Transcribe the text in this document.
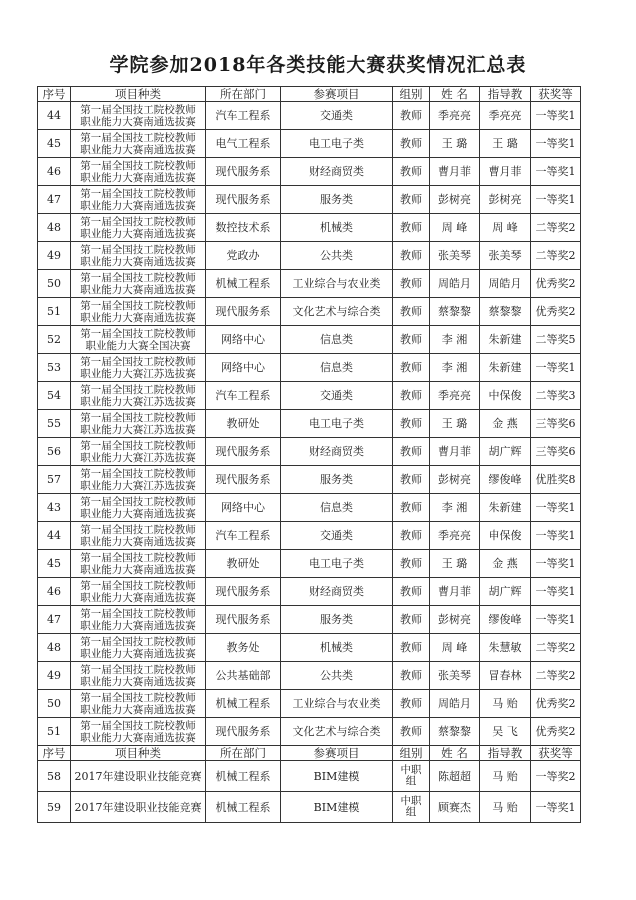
学院参加2018年各类技能大赛获奖情况汇总表
序号	项目种类	所在部门	参赛项目	组别	姓 名	指导教	获奖等
44	第一届全国技工院校教师
职业能力大赛南通选拔赛	汽车工程系	交通类	教师	季亮亮	季亮亮	一等奖1
45	第一届全国技工院校教师
职业能力大赛南通选拔赛	电气工程系	电工电子类	教师	王 璐	王 璐	一等奖1
46	第一届全国技工院校教师
职业能力大赛南通选拔赛	现代服务系	财经商贸类	教师	曹月菲	曹月菲	一等奖1
47	第一届全国技工院校教师
职业能力大赛南通选拔赛	现代服务系	服务类	教师	彭树亮	彭树亮	一等奖1
48	第一届全国技工院校教师
职业能力大赛南通选拔赛	数控技术系	机械类	教师	周 峰	周 峰	二等奖2
49	第一届全国技工院校教师
职业能力大赛南通选拔赛	党政办	公共类	教师	张美琴	张美琴	二等奖2
50	第一届全国技工院校教师
职业能力大赛南通选拔赛	机械工程系	工业综合与农业类	教师	周皓月	周皓月	优秀奖2
51	第一届全国技工院校教师
职业能力大赛南通选拔赛	现代服务系	文化艺术与综合类	教师	蔡黎黎	蔡黎黎	优秀奖2
52	第一届全国技工院校教师
职业能力大赛全国决赛	网络中心	信息类	教师	李 湘	朱新建	二等奖5
53	第一届全国技工院校教师
职业能力大赛江苏选拔赛	网络中心	信息类	教师	李 湘	朱新建	一等奖1
54	第一届全国技工院校教师
职业能力大赛江苏选拔赛	汽车工程系	交通类	教师	季亮亮	中保俊	二等奖3
55	第一届全国技工院校教师
职业能力大赛江苏选拔赛	教研处	电工电子类	教师	王 璐	金 燕	三等奖6
56	第一届全国技工院校教师
职业能力大赛江苏选拔赛	现代服务系	财经商贸类	教师	曹月菲	胡广辉	三等奖6
57	第一届全国技工院校教师
职业能力大赛江苏选拔赛	现代服务系	服务类	教师	彭树亮	缪俊峰	优胜奖8
43	第一届全国技工院校教师
职业能力大赛南通选拔赛	网络中心	信息类	教师	李 湘	朱新建	一等奖1
44	第一届全国技工院校教师
职业能力大赛南通选拔赛	汽车工程系	交通类	教师	季亮亮	申保俊	一等奖1
45	第一届全国技工院校教师
职业能力大赛南通选拔赛	教研处	电工电子类	教师	王 璐	金 燕	一等奖1
46	第一届全国技工院校教师
职业能力大赛南通选拔赛	现代服务系	财经商贸类	教师	曹月菲	胡广辉	一等奖1
47	第一届全国技工院校教师
职业能力大赛南通选拔赛	现代服务系	服务类	教师	彭树亮	缪俊峰	一等奖1
48	第一届全国技工院校教师
职业能力大赛南通选拔赛	教务处	机械类	教师	周 峰	朱慧敏	二等奖2
49	第一届全国技工院校教师
职业能力大赛南通选拔赛	公共基础部	公共类	教师	张美琴	冒春林	二等奖2
50	第一届全国技工院校教师
职业能力大赛南通选拔赛	机械工程系	工业综合与农业类	教师	周皓月	马 贻	优秀奖2
51	第一届全国技工院校教师
职业能力大赛南通选拔赛	现代服务系	文化艺术与综合类	教师	蔡黎黎	吴 飞	优秀奖2
序号	项目种类	所在部门	参赛项目	组别	姓 名	指导教	获奖等
58	2017年建设职业技能竞赛	机械工程系	BIM建模	中职
组	陈超超	马 贻	一等奖2
59	2017年建设职业技能竞赛	机械工程系	BIM建模	中职
组	顾赛杰	马 贻	一等奖1
